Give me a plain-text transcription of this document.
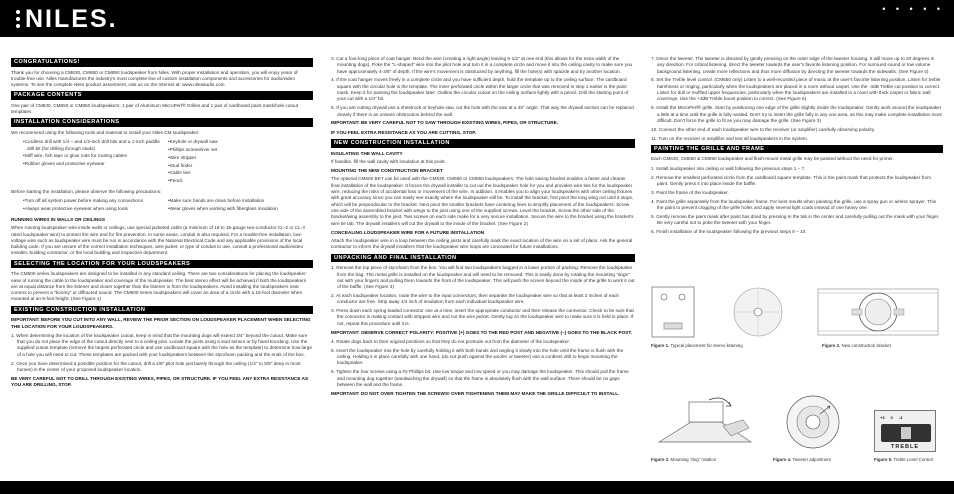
NILES.	• • • • •
CONGRATULATIONS!

Thank you for choosing a CM630, CM650 or CM850 loudspeaker from Niles. With proper installation and operation, you will enjoy years of trouble-free use. Niles manufactures the industry's most complete line of custom installation components and accessories for audio/video systems. To see the complete Niles product assortment, visit us on the Internet at: www.nilesaudio.com

PACKAGE CONTENTS

One pair of CM630, CM650 or CM850 loudspeakers; 1 pair of Aluminum MicroPerf® Grilles and 1 pair of cardboard paint mask/hole cutout templates.

INSTALLATION CONSIDERATIONS

We recommend using the following tools and material to install your Niles CM loudspeaker:

• Cordless drill with 1/4 – and 1/2-inch drill bits and a 1-inch paddle drill bit (for drilling through studs)
• Stiff wire, fish tape or glow rods for routing cables
• Rubber gloves and protective eyewear
• Keyhole or drywall saw
• Phillips screwdriver set
• Wire stripper
• Stud finder
• Cable ties
• Pencil

Before starting the installation, please observe the following precautions:

• Turn off all system power before making any connections
• Always wear protective eyewear when using tools
• Make sure hands are clean before installation
• Wear gloves when working with fiberglass insulation
RUNNING WIRES IN WALLS OR CEILINGS

When running loudspeaker wire inside walls or ceilings, use special jacketed cable (a minimum of 18 to 16-gauge two-conductor CL-2 or CL-3 rated loudspeaker wire) to protect the wire and for fire prevention. In some areas, conduit is also required. For a trouble-free installation, low-voltage wire such as loudspeaker wire must be run in accordance with the National Electrical Code and any applicable provisions of the local building code. If you are unsure of the correct installation techniques, wire jacket, or type of conduit to use, consult a professional audio/video installer, building contractor, or the local building and inspection department.

SELECTING THE LOCATION FOR YOUR LOUDSPEAKERS

The CM600 series loudspeakers are designed to be installed in any standard ceiling. There are two considerations for placing the loudspeaker: ease of running the cable to the loudspeaker and coverage of the loudspeaker. The best stereo effect will be achieved if both the loudspeakers are at equal distance from the listener and closer together than the listener is from the loudspeakers. Avoid installing the loudspeakers near corners to prevent a "boomy" or diffracted sound. The CM600 series loudspeakers will cover an area of a circle with a 16-foot diameter when mounted at an 8-foot height. (See Figure 1)

EXISTING CONSTRUCTION INSTALLATION

IMPORTANT: BEFORE YOU CUT INTO ANY WALL, REVIEW THE PRIOR SECTION ON LOUDSPEAKER PLACEMENT WHEN SELECTING THE LOCATION FOR YOUR LOUDSPEAKERS.

1. When determining the location of the loudspeaker cutout, keep in mind that the mounting dogs will extend 3/4" beyond the cutout. Make sure that you do not place the edge of the cutout directly next to a ceiling joist. Locate the joists using a stud sensor or by hand knocking. Use the supplied cutout template (remove the largest perforated circle and use cardboard square with the hole as the template) to determine how large of a hole you will need to cut. These templates are packed with your loudspeakers between the styrofoam packing and the ends of the box.
2. Once you have determined a possible position for the cutout, drill a 1/8" pilot hole just barely through the ceiling (1/2" to 5/8" deep in most homes) in the center of your proposed loudspeaker location.

BE VERY CAREFUL NOT TO DRILL THROUGH EXISTING WIRES, PIPES, OR STRUCTURE. IF YOU FEEL ANY EXTRA RESISTANCE AS YOU ARE DRILLING, STOP.

3. Cut a foot-long piece of coat hanger. Bend the wire (creating a right angle) leaving 5-1/2" at one end (this allows for the extra width of the mounting dogs). Poke the "L-shaped" wire into the pilot hole and turn it in a complete circle and move it into the ceiling cavity to make sure you have approximately 4-3/8" of depth. If the wire's movement is obstructed by anything, fill the hole(s) with spackle and try another location.
4. If the coat hanger moves freely in a complete circle and you have sufficient depth, hold the template up to the ceiling surface. The cardboard square with the circular hole is the template. The inner perforated circle within the larger circle that was removed in step 1 earlier is the paint mask. Keep it for painting the loudspeaker later. Outline the circular cutout on the ceiling surface lightly with a pencil. Drill the starting point of your cut with a 1/4" bit.
5. If you are cutting drywall use a sheetrock or keyhole saw, cut the hole with the saw at a 45° angle. That way the drywall section can be replaced cleanly if there is an unseen obstruction behind the wall.

IMPORTANT: BE VERY CAREFUL NOT TO SAW THROUGH EXISTING WIRES, PIPES, OR STRUCTURE.

IF YOU FEEL EXTRA RESISTANCE AS YOU ARE CUTTING, STOP.

NEW CONSTRUCTION INSTALLATION
INSULATING THE WALL CAVITY

If feasible, fill the wall cavity with insulation at this point.

MOUNTING THE NEW CONSTRUCTION BRACKET

The optional CM600 BKT can be used with the CM630, CM650 or CM850 loudspeakers. The hole saving bracket enables a faster and cleaner final installation of the loudspeaker. It forces the drywall installer to cut out the loudspeaker hole for you and provides wire ties for the loudspeaker wire, reducing the risks of accidental loss or movement of the wire. In addition, it enables you to align your loudspeakers with other ceiling fixtures with great accuracy since you can easily see exactly where the loudspeaker will be. To install the bracket, first pivot the long wing out until it stops, which will be perpendicular to the bracket. Next pivot the smaller brackets have centering lines to simplify placement of the loudspeakers. Screw one side of the assembled bracket with wings to the joist using one of the supplied screws. Level the bracket. Screw the other side of the bracket/wing assembly to the joist. Two screws on each side make for a very secure installation. Secure the wire to the bracket using the bracket's wire tie tab. The drywall installers will cut the drywall to the inside of the bracket. (See Figure 2)

CONCEALING LOUDSPEAKER WIRE FOR A FUTURE INSTALLATION

Attach the loudspeaker wire in a loop between the ceiling joists and carefully mark the exact location of the wire on a set of plans. Ask the general contractor to inform the drywall installers that the loudspeaker wire loops are concealed for future installations.

UNPACKING AND FINAL INSTALLATION
1. Remove the top piece of styrofoam from the box. You will find two loudspeakers bagged in a lower portion of packing. Remove the loudspeaker from the bag. The metal grille is installed on the loudspeaker and will need to be removed. This is easily done by rotating the mounting "dogs" out with your fingers and pulling them towards the front of the loudspeaker. This will push the screen beyond the inside of the grille to work it out of the baffle. (See Figure 3)
2. At each loudspeaker location, route the wire to the input connectors; then separate the loudspeaker wire so that at least 2 inches of each conductor are free. Strip away 1/4 inch of insulation from each individual loudspeaker wire.
3. Press down each spring-loaded connector one at a time, insert the appropriate conductor and then release the connector. Check to be sure that the connector is making contact with stripped wire and not the wire jacket. Gently tug on the loudspeaker wire to make sure it is held in place. If not, repeat this procedure until it is.

IMPORTANT: OBSERVE CORRECT POLARITY: POSITIVE (+) GOES TO THE RED POST AND NEGATIVE (–) GOES TO THE BLACK POST.

4. Rotate dogs back to their original positions so that they do not protrude out from the diameter of the loudspeaker.
5. Insert the loudspeaker into the hole by carefully holding it with both hands and angling it slowly into the hole until the frame is flush with the ceiling. Holding it in place carefully with one hand, (do not push against the woofer or tweeter) use a cordless drill to begin mounting the loudspeaker.
6. Tighten the four screws using a #2 Phillips bit. Use low torque and low speed or you may damage the loudspeaker. This should pull the frame and mounting dog together (sandwiching the drywall) so that the frame is absolutely flush with the wall surface. There should be no gaps between the wall and the frame.

IMPORTANT: DO NOT OVER TIGHTEN THE SCREWS! OVER TIGHTENING THEM MAY MAKE THE GRILLE DIFFICULT TO INSTALL.

7. Direct the tweeter. The tweeter is directed by gently pressing on the outer edge of the tweeter housing. It will move up to 20 degrees in any direction. For critical listening, direct the tweeter towards the user's favorite listening position. For surround sound or low volume background listening, create more reflections and thus more diffusion by directing the tweeter towards the sidewalls. (See Figure 4)
8. Set the Treble level control. (CM650 only) Listen to a well-recorded piece of music at the user's favorite listening position. Listen for treble harshness or ringing, particularly when the loudspeakers are placed in a room without carpet. Use the -3dB Treble cut position to correct. Listen for dull or muffled upper frequencies, particularly when the loudspeakers are installed in a room with thick carpet or fabric wall coverings. Use the +3dB Treble boost position to correct. (See Figure 5)
9. Install the MicroPerf® grille. Start by positioning one edge of the grille slightly inside the loudspeaker. Gently work around the loudspeaker a little at a time until the grille is fully seated. Don't try to insert the grille fully in any one area, as this may make complete installation more difficult. Don't force the grille to fit as you may damage the grille. (See Figure 3)
10. Connect the other end of each loudspeaker wire to the receiver (or amplifier) carefully observing polarity.
11. Turn on the receiver or amplifier and test all loudspeakers in the system.
PAINTING THE GRILLE AND FRAME

Each CM630, CM650 & CM850 loudspeaker and flush-mount metal grille may be painted without the need for primer.

1. Install loudspeaker into ceiling or wall following the previous steps 1 – 7.
2. Remove the smallest perforated circle from the cardboard square template. This is the paint mask that protects the loudspeaker from paint. Gently press it into place inside the baffle.
3. Paint the frame of the loudspeaker.
4. Paint the grille separately from the loudspeaker frame. For best results when painting the grille, use a spray gun or airless sprayer. Thin the paint to prevent clogging of the grille holes and apply several light coats instead of one heavy one.
5. Gently remove the paint mask after paint has dried by pressing in the tab in the center and carefully pulling out the mask with your finger. Be very careful not to poke the tweeter with your finger.
6. Finish installation of the loudspeaker following the previous steps 8 – 10.
Figure 1. Typical placement for stereo listening	Figure 2. New construction bracket
Figure 3. Mounting "dog" rotation	Figure 4. Tweeter adjustment
+3 0 -3
TREBLE
Figure 5. Treble Level Control
